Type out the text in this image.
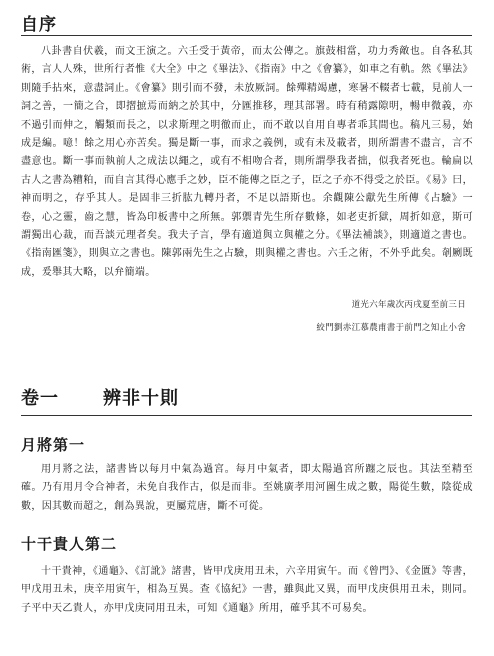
自序

八卦書自伏羲，而文王演之。六壬受于黃帝，而太公傳之。旗鼓相當，功力秀敵也。自各私其術，言人人殊，世所行者惟《大全》中之《畢法》、《指南》中之《會纂》，如車之有軌。然《畢法》則隨手拈來，意盡詞止。《會纂》則引而不發，未放厥詞。餘殫精竭慮，寒暑不輟者七載，見前人一詞之善，一簡之合，即摺摭焉而納之於其中，分匯推移，理其部署。時有稍露隙明，暢申微義，亦不過引而伸之，觸類而長之，以求斯理之明徹而止，而不敢以自用自專者乖其間也。稿凡三易，始成是編。噫！餘之用心亦苦矣。獨是斷一事，而求之義例，或有未及載者，則所謂書不盡言，言不盡意也。斷一事而執前人之成法以繩之，或有不相吻合者，則所謂學我者拙，似我者死也。輪扁以古人之書為糟粕，而自言其得心應手之妙，臣不能傳之臣之子，臣之子亦不得受之於臣。《易》曰，神而明之，存乎其人。是固非三折肱九轉丹者，不足以語斯也。余觀陳公獻先生所傳《占驗》一卷，心之靈，齒之慧，皆為印板書中之所無。郭禦青先生所存數條，如老吏折獄，周折如意，斯可謂獨出心裁，而吾談元理者矣。我夫子言，學有適道與立與權之分。《畢法補談》，則適道之書也。《指南匯箋》，則與立之書也。陳郭兩先生之占驗，則與權之書也。六壬之術，不外乎此矣。剞劂既成，爰舉其大略，以弁簡端。

道光六年歲次丙戌夏至前三日
絞門劉赤江慕農甫書于前門之知止小舍
卷一 辨非十則
月將第一

用月將之法，諸書皆以每月中氣為過宮。每月中氣者，即太陽過宮所躔之辰也。其法至精至確。乃有用月令合神者，未免自我作古，似是而非。至姚廣孝用河圖生成之數，陽從生數，陰從成數，因其數而超之，創為異說，更屬荒唐，斷不可從。

十干貴人第二

十干貴神，《通龜》、《訂訛》諸書，皆甲戊庚用丑未，六辛用寅午。而《曾門》、《金匱》等書，甲戊用丑未，庚辛用寅午，相為互異。查《協紀》一書，雖與此又異，而甲戊庚俱用丑未，則同。子平中天乙貴人，亦甲戊庚同用丑未，可知《通龜》所用，確乎其不可易矣。
